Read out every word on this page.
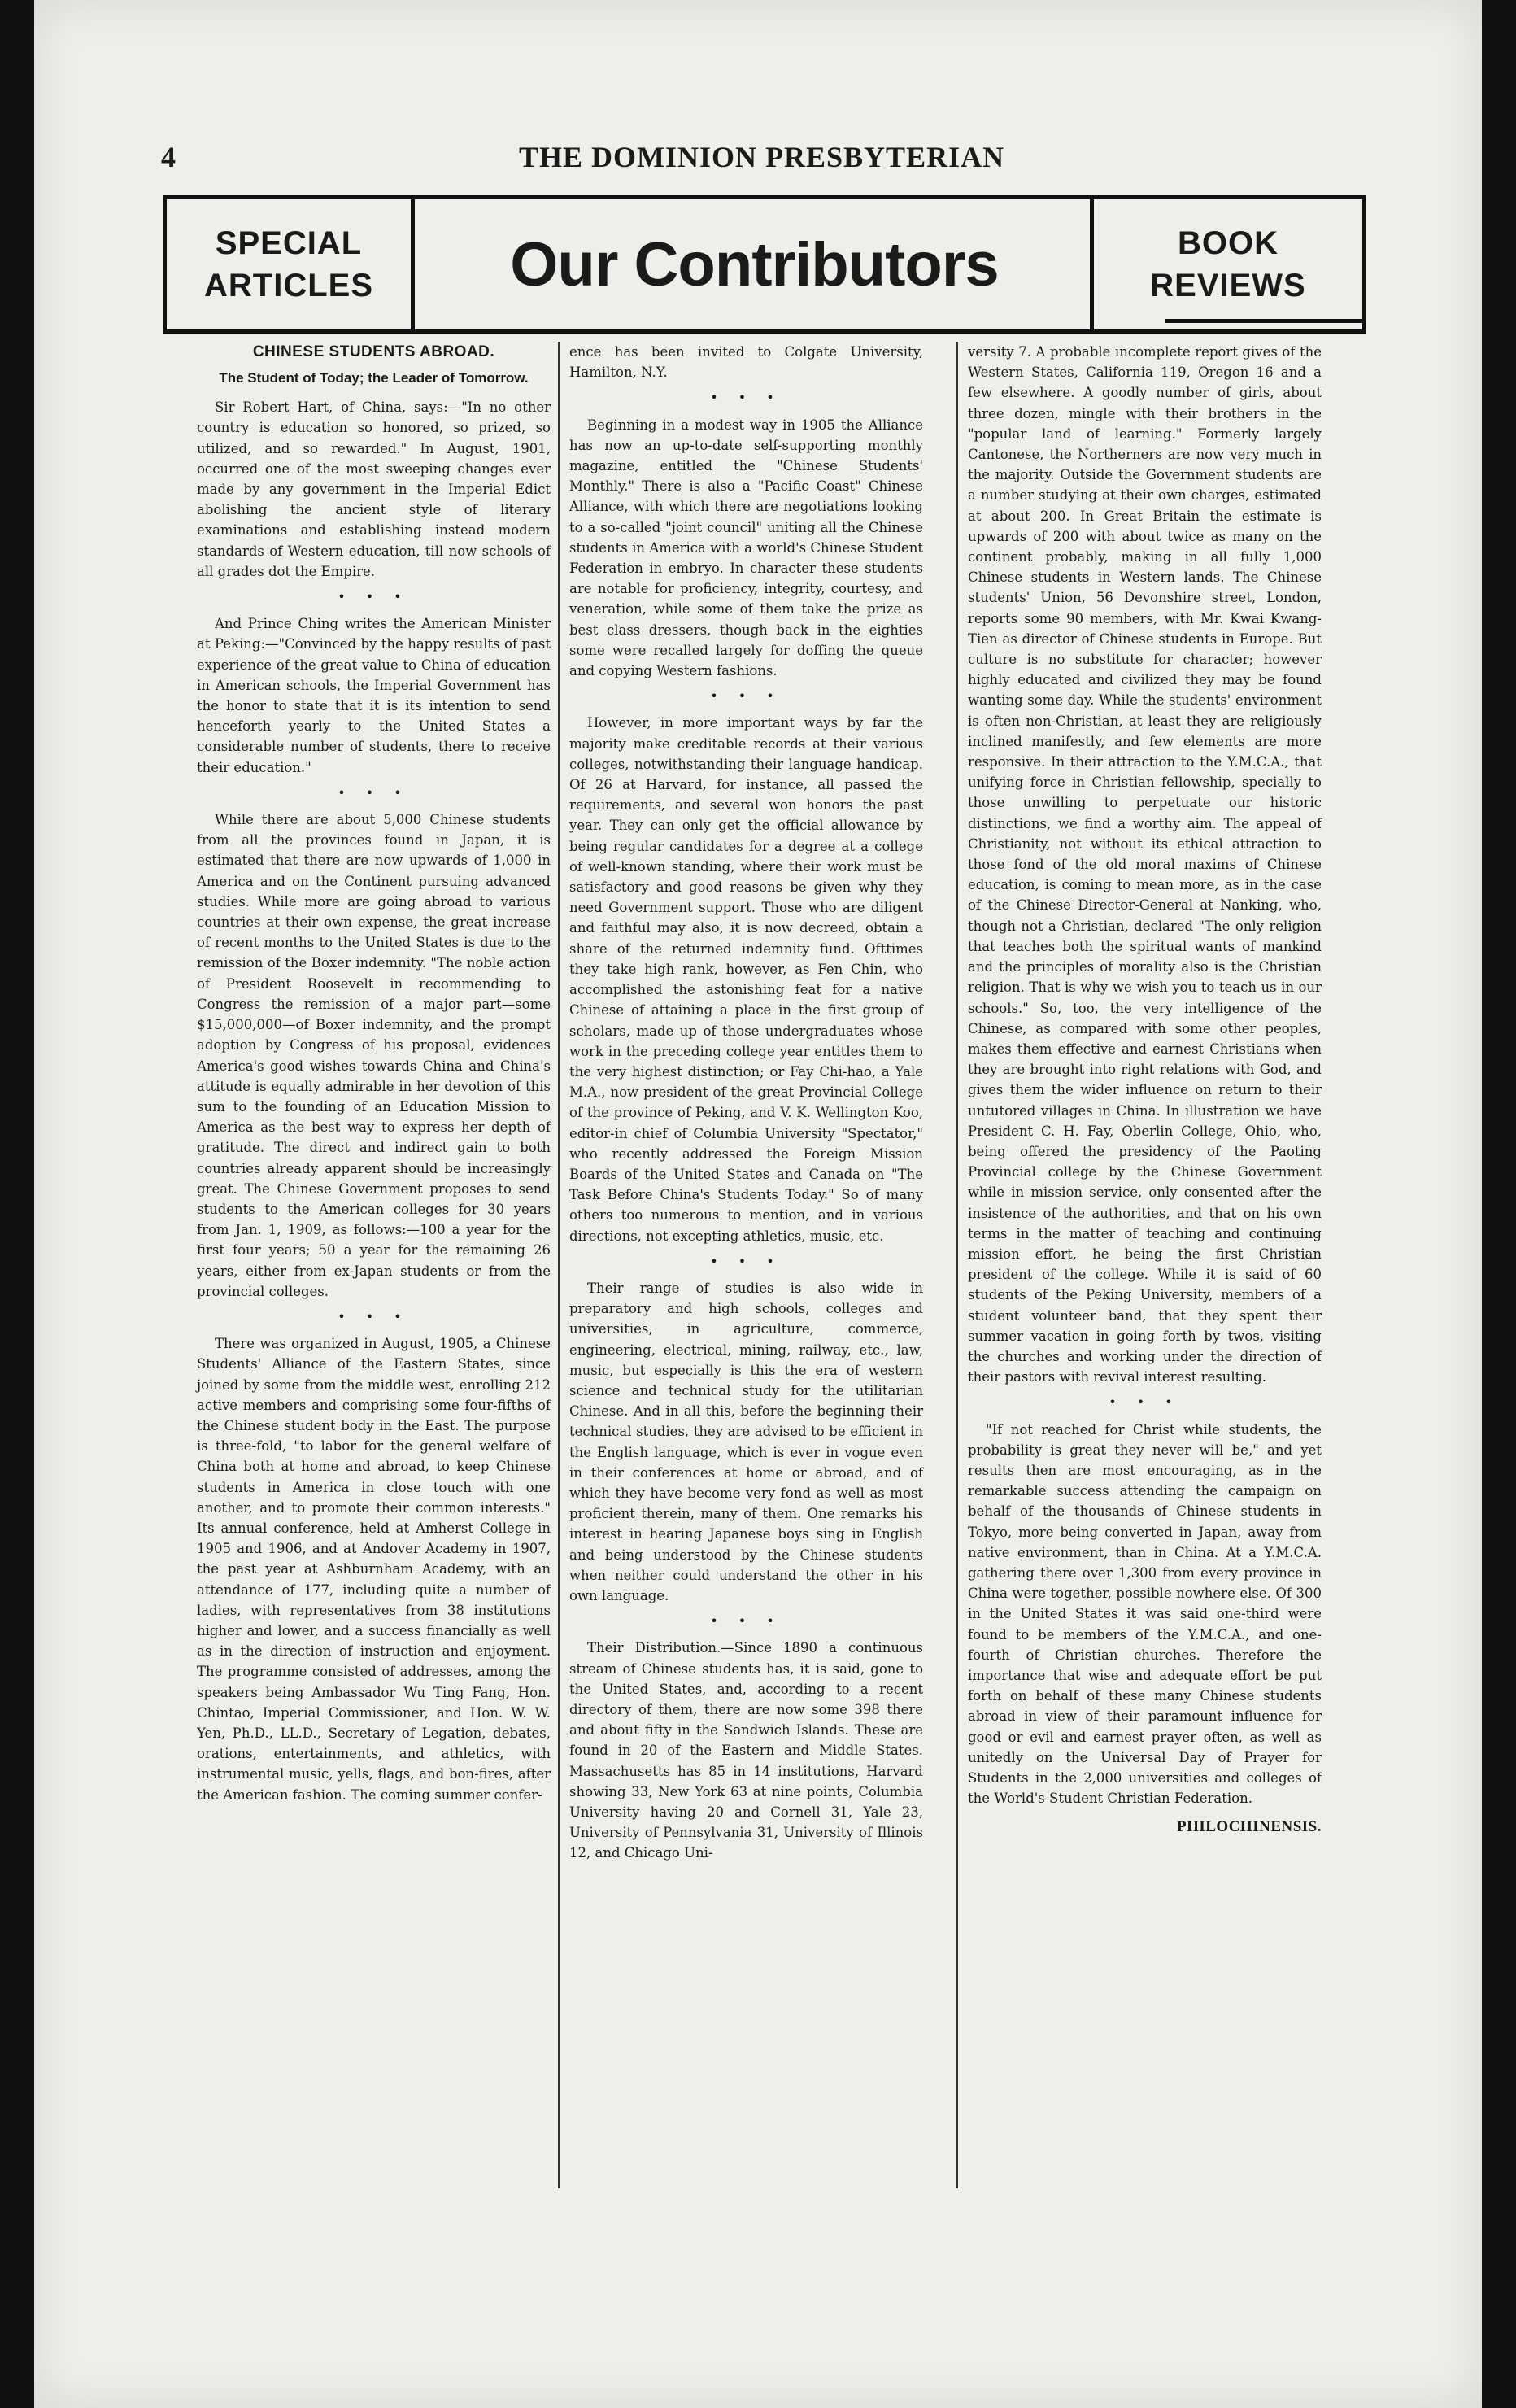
4	THE DOMINION PRESBYTERIAN
SPECIAL
ARTICLES Our Contributors	BOOK
REVIEWS
CHINESE STUDENTS ABROAD.
The Student of Today; the Leader of Tomorrow.

Sir Robert Hart, of China, says:—"In no other country is education so honored, so prized, so utilized, and so rewarded." In August, 1901, occurred one of the most sweeping changes ever made by any government in the Imperial Edict abolishing the ancient style of literary examinations and establishing instead modern standards of Western education, till now schools of all grades dot the Empire.

• • •

And Prince Ching writes the American Minister at Peking:—"Convinced by the happy results of past experience of the great value to China of education in American schools, the Imperial Government has the honor to state that it is its intention to send henceforth yearly to the United States a considerable number of students, there to receive their education."

• • •

While there are about 5,000 Chinese students from all the provinces found in Japan, it is estimated that there are now upwards of 1,000 in America and on the Continent pursuing advanced studies. While more are going abroad to various countries at their own expense, the great increase of recent months to the United States is due to the remission of the Boxer indemnity. "The noble action of President Roosevelt in recommending to Congress the remission of a major part—some $15,000,000—of Boxer indemnity, and the prompt adoption by Congress of his proposal, evidences America's good wishes towards China and China's attitude is equally admirable in her devotion of this sum to the founding of an Education Mission to America as the best way to express her depth of gratitude. The direct and indirect gain to both countries already apparent should be increasingly great. The Chinese Government proposes to send students to the American colleges for 30 years from Jan. 1, 1909, as follows:—100 a year for the first four years; 50 a year for the remaining 26 years, either from ex-Japan students or from the provincial colleges.

• • •

There was organized in August, 1905, a Chinese Students' Alliance of the Eastern States, since joined by some from the middle west, enrolling 212 active members and comprising some four-fifths of the Chinese student body in the East. The purpose is three-fold, "to labor for the general welfare of China both at home and abroad, to keep Chinese students in America in close touch with one another, and to promote their common interests." Its annual conference, held at Amherst College in 1905 and 1906, and at Andover Academy in 1907, the past year at Ashburnham Academy, with an attendance of 177, including quite a number of ladies, with representatives from 38 institutions higher and lower, and a success financially as well as in the direction of instruction and enjoyment. The programme consisted of addresses, among the speakers being Ambassador Wu Ting Fang, Hon. Chintao, Imperial Commissioner, and Hon. W. W. Yen, Ph.D., LL.D., Secretary of Legation, debates, orations, entertainments, and athletics, with instrumental music, yells, flags, and bon-fires, after the American fashion. The coming summer confer-

ence has been invited to Colgate University, Hamilton, N.Y.

• • •

Beginning in a modest way in 1905 the Alliance has now an up-to-date self-supporting monthly magazine, entitled the "Chinese Students' Monthly." There is also a "Pacific Coast" Chinese Alliance, with which there are negotiations looking to a so-called "joint council" uniting all the Chinese students in America with a world's Chinese Student Federation in embryo. In character these students are notable for proficiency, integrity, courtesy, and veneration, while some of them take the prize as best class dressers, though back in the eighties some were recalled largely for doffing the queue and copying Western fashions.

• • •

However, in more important ways by far the majority make creditable records at their various colleges, notwithstanding their language handicap. Of 26 at Harvard, for instance, all passed the requirements, and several won honors the past year. They can only get the official allowance by being regular candidates for a degree at a college of well-known standing, where their work must be satisfactory and good reasons be given why they need Government support. Those who are diligent and faithful may also, it is now decreed, obtain a share of the returned indemnity fund. Ofttimes they take high rank, however, as Fen Chin, who accomplished the astonishing feat for a native Chinese of attaining a place in the first group of scholars, made up of those undergraduates whose work in the preceding college year entitles them to the very highest distinction; or Fay Chi-hao, a Yale M.A., now president of the great Provincial College of the province of Peking, and V. K. Wellington Koo, editor-in chief of Columbia University "Spectator," who recently addressed the Foreign Mission Boards of the United States and Canada on "The Task Before China's Students Today." So of many others too numerous to mention, and in various directions, not excepting athletics, music, etc.

• • •

Their range of studies is also wide in preparatory and high schools, colleges and universities, in agriculture, commerce, engineering, electrical, mining, railway, etc., law, music, but especially is this the era of western science and technical study for the utilitarian Chinese. And in all this, before the beginning their technical studies, they are advised to be efficient in the English language, which is ever in vogue even in their conferences at home or abroad, and of which they have become very fond as well as most proficient therein, many of them. One remarks his interest in hearing Japanese boys sing in English and being understood by the Chinese students when neither could understand the other in his own language.

• • •

Their Distribution.—Since 1890 a continuous stream of Chinese students has, it is said, gone to the United States, and, according to a recent directory of them, there are now some 398 there and about fifty in the Sandwich Islands. These are found in 20 of the Eastern and Middle States. Massachusetts has 85 in 14 institutions, Harvard showing 33, New York 63 at nine points, Columbia University having 20 and Cornell 31, Yale 23, University of Pennsylvania 31, University of Illinois 12, and Chicago Uni-

versity 7. A probable incomplete report gives of the Western States, California 119, Oregon 16 and a few elsewhere. A goodly number of girls, about three dozen, mingle with their brothers in the "popular land of learning." Formerly largely Cantonese, the Northerners are now very much in the majority. Outside the Government students are a number studying at their own charges, estimated at about 200. In Great Britain the estimate is upwards of 200 with about twice as many on the continent probably, making in all fully 1,000 Chinese students in Western lands. The Chinese students' Union, 56 Devonshire street, London, reports some 90 members, with Mr. Kwai Kwang-Tien as director of Chinese students in Europe. But culture is no substitute for character; however highly educated and civilized they may be found wanting some day. While the students' environment is often non-Christian, at least they are religiously inclined manifestly, and few elements are more responsive. In their attraction to the Y.M.C.A., that unifying force in Christian fellowship, specially to those unwilling to perpetuate our historic distinctions, we find a worthy aim. The appeal of Christianity, not without its ethical attraction to those fond of the old moral maxims of Chinese education, is coming to mean more, as in the case of the Chinese Director-General at Nanking, who, though not a Christian, declared "The only religion that teaches both the spiritual wants of mankind and the principles of morality also is the Christian religion. That is why we wish you to teach us in our schools." So, too, the very intelligence of the Chinese, as compared with some other peoples, makes them effective and earnest Christians when they are brought into right relations with God, and gives them the wider influence on return to their untutored villages in China. In illustration we have President C. H. Fay, Oberlin College, Ohio, who, being offered the presidency of the Paoting Provincial college by the Chinese Government while in mission service, only consented after the insistence of the authorities, and that on his own terms in the matter of teaching and continuing mission effort, he being the first Christian president of the college. While it is said of 60 students of the Peking University, members of a student volunteer band, that they spent their summer vacation in going forth by twos, visiting the churches and working under the direction of their pastors with revival interest resulting.

• • •

"If not reached for Christ while students, the probability is great they never will be," and yet results then are most encouraging, as in the remarkable success attending the campaign on behalf of the thousands of Chinese students in Tokyo, more being converted in Japan, away from native environment, than in China. At a Y.M.C.A. gathering there over 1,300 from every province in China were together, possible nowhere else. Of 300 in the United States it was said one-third were found to be members of the Y.M.C.A., and one-fourth of Christian churches. Therefore the importance that wise and adequate effort be put forth on behalf of these many Chinese students abroad in view of their paramount influence for good or evil and earnest prayer often, as well as unitedly on the Universal Day of Prayer for Students in the 2,000 universities and colleges of the World's Student Christian Federation.

PHILOCHINENSIS.
